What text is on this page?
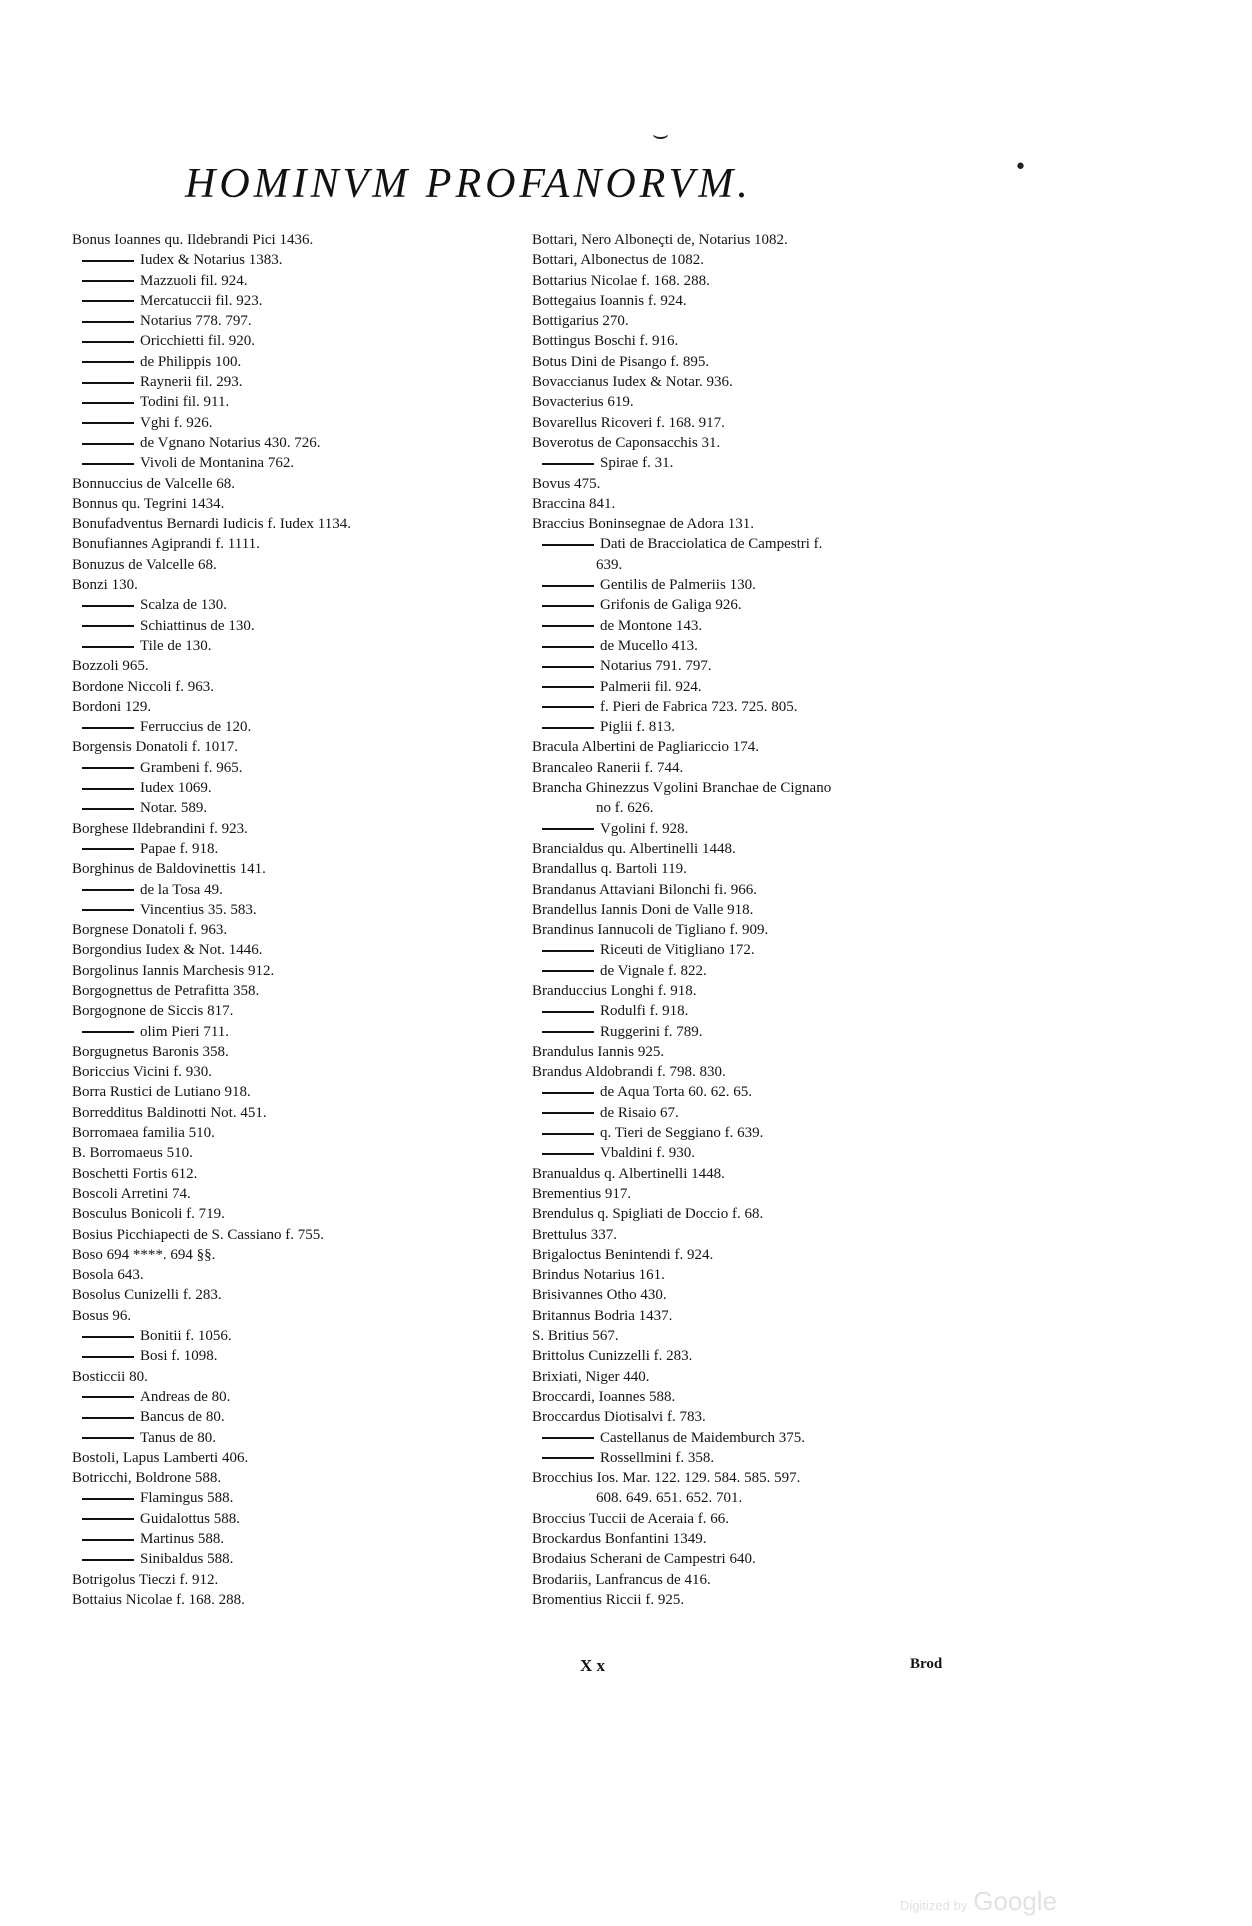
⌣
•
HOMINVM PROFANORVM.
Bonus Ioannes qu. Ildebrandi Pici 1436.
Iudex & Notarius 1383.
Mazzuoli fil. 924.
Mercatuccii fil. 923.
Notarius 778. 797.
Oricchietti fil. 920.
de Philippis 100.
Raynerii fil. 293.
Todini fil. 911.
Vghi f. 926.
de Vgnano Notarius 430. 726.
Vivoli de Montanina 762.
Bonnuccius de Valcelle 68.
Bonnus qu. Tegrini 1434.
Bonufadventus Bernardi Iudicis f. Iudex 1134.
Bonufiannes Agiprandi f. 1111.
Bonuzus de Valcelle 68.
Bonzi 130.
Scalza de 130.
Schiattinus de 130.
Tile de 130.
Bozzoli 965.
Bordone Niccoli f. 963.
Bordoni 129.
Ferruccius de 120.
Borgensis Donatoli f. 1017.
Grambeni f. 965.
Iudex 1069.
Notar. 589.
Borghese Ildebrandini f. 923.
Papae f. 918.
Borghinus de Baldovinettis 141.
de la Tosa 49.
Vincentius 35. 583.
Borgnese Donatoli f. 963.
Borgondius Iudex & Not. 1446.
Borgolinus Iannis Marchesis 912.
Borgognettus de Petrafitta 358.
Borgognone de Siccis 817.
olim Pieri 711.
Borgugnetus Baronis 358.
Boriccius Vicini f. 930.
Borra Rustici de Lutiano 918.
Borredditus Baldinotti Not. 451.
Borromaea familia 510.
B. Borromaeus 510.
Boschetti Fortis 612.
Boscoli Arretini 74.
Bosculus Bonicoli f. 719.
Bosius Picchiapecti de S. Cassiano f. 755.
Boso 694 ****. 694 §§.
Bosola 643.
Bosolus Cunizelli f. 283.
Bosus 96.
Bonitii f. 1056.
Bosi f. 1098.
Bosticcii 80.
Andreas de 80.
Bancus de 80.
Tanus de 80.
Bostoli, Lapus Lamberti 406.
Botricchi, Boldrone 588.
Flamingus 588.
Guidalottus 588.
Martinus 588.
Sinibaldus 588.
Botrigolus Tieczi f. 912.
Bottaius Nicolae f. 168. 288.
Bottari, Nero Alboneçti de, Notarius 1082.
Bottari, Albonectus de 1082.
Bottarius Nicolae f. 168. 288.
Bottegaius Ioannis f. 924.
Bottigarius 270.
Bottingus Boschi f. 916.
Botus Dini de Pisango f. 895.
Bovaccianus Iudex & Notar. 936.
Bovacterius 619.
Bovarellus Ricoveri f. 168. 917.
Boverotus de Caponsacchis 31.
Spirae f. 31.
Bovus 475.
Braccina 841.
Braccius Boninsegnae de Adora 131.
Dati de Bracciolatica de Campestri f.
639.
Gentilis de Palmeriis 130.
Grifonis de Galiga 926.
de Montone 143.
de Mucello 413.
Notarius 791. 797.
Palmerii fil. 924.
f. Pieri de Fabrica 723. 725. 805.
Piglii f. 813.
Bracula Albertini de Pagliariccio 174.
Brancaleo Ranerii f. 744.
Brancha Ghinezzus Vgolini Branchae de Cignano
no f. 626.
Vgolini f. 928.
Brancialdus qu. Albertinelli 1448.
Brandallus q. Bartoli 119.
Brandanus Attaviani Bilonchi fi. 966.
Brandellus Iannis Doni de Valle 918.
Brandinus Iannucoli de Tigliano f. 909.
Riceuti de Vitigliano 172.
de Vignale f. 822.
Branduccius Longhi f. 918.
Rodulfi f. 918.
Ruggerini f. 789.
Brandulus Iannis 925.
Brandus Aldobrandi f. 798. 830.
de Aqua Torta 60. 62. 65.
de Risaio 67.
q. Tieri de Seggiano f. 639.
Vbaldini f. 930.
Branualdus q. Albertinelli 1448.
Brementius 917.
Brendulus q. Spigliati de Doccio f. 68.
Brettulus 337.
Brigaloctus Benintendi f. 924.
Brindus Notarius 161.
Brisivannes Otho 430.
Britannus Bodria 1437.
S. Britius 567.
Brittolus Cunizzelli f. 283.
Brixiati, Niger 440.
Broccardi, Ioannes 588.
Broccardus Diotisalvi f. 783.
Castellanus de Maidemburch 375.
Rossellmini f. 358.
Brocchius Ios. Mar. 122. 129. 584. 585. 597.
608. 649. 651. 652. 701.
Broccius Tuccii de Aceraia f. 66.
Brockardus Bonfantini 1349.
Brodaius Scherani de Campestri 640.
Brodariis, Lanfrancus de 416.
Bromentius Riccii f. 925.
X x	Brod
Digitized by Google
